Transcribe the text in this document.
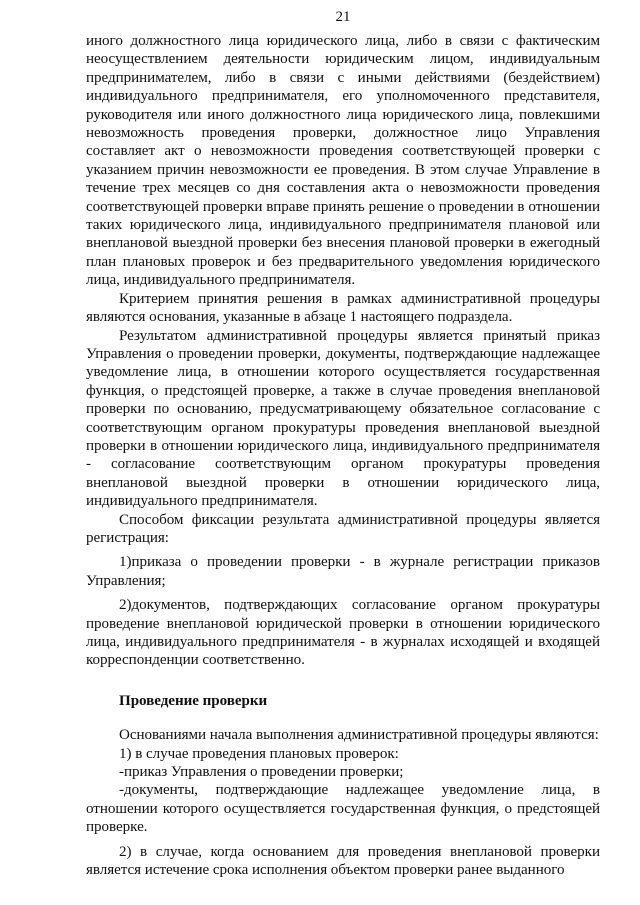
21

иного должностного лица юридического лица, либо в связи с фактическим неосуществлением деятельности юридическим лицом, индивидуальным предпринимателем, либо в связи с иными действиями (бездействием) индивидуального предпринимателя, его уполномоченного представителя, руководителя или иного должностного лица юридического лица, повлекшими невозможность проведения проверки, должностное лицо Управления составляет акт о невозможности проведения соответствующей проверки с указанием причин невозможности ее проведения. В этом случае Управление в течение трех месяцев со дня составления акта о невозможности проведения соответствующей проверки вправе принять решение о проведении в отношении таких юридического лица, индивидуального предпринимателя плановой или внеплановой выездной проверки без внесения плановой проверки в ежегодный план плановых проверок и без предварительного уведомления юридического лица, индивидуального предпринимателя.

Критерием принятия решения в рамках административной процедуры являются основания, указанные в абзаце 1 настоящего подраздела.

Результатом административной процедуры является принятый приказ Управления о проведении проверки, документы, подтверждающие надлежащее уведомление лица, в отношении которого осуществляется государственная функция, о предстоящей проверке, а также в случае проведения внеплановой проверки по основанию, предусматривающему обязательное согласование с соответствующим органом прокуратуры проведения внеплановой выездной проверки в отношении юридического лица, индивидуального предпринимателя - согласование соответствующим органом прокуратуры проведения внеплановой выездной проверки в отношении юридического лица, индивидуального предпринимателя.

Способом фиксации результата административной процедуры является регистрация:

1)приказа о проведении проверки - в журнале регистрации приказов Управления;

2)документов, подтверждающих согласование органом прокуратуры проведение внеплановой юридической проверки в отношении юридического лица, индивидуального предпринимателя - в журналах исходящей и входящей корреспонденции соответственно.

Проведение проверки

Основаниями начала выполнения административной процедуры являются:

1) в случае проведения плановых проверок:

-приказ Управления о проведении проверки;

-документы, подтверждающие надлежащее уведомление лица, в отношении которого осуществляется государственная функция, о предстоящей проверке.

2) в случае, когда основанием для проведения внеплановой проверки является истечение срока исполнения объектом проверки ранее выданного
